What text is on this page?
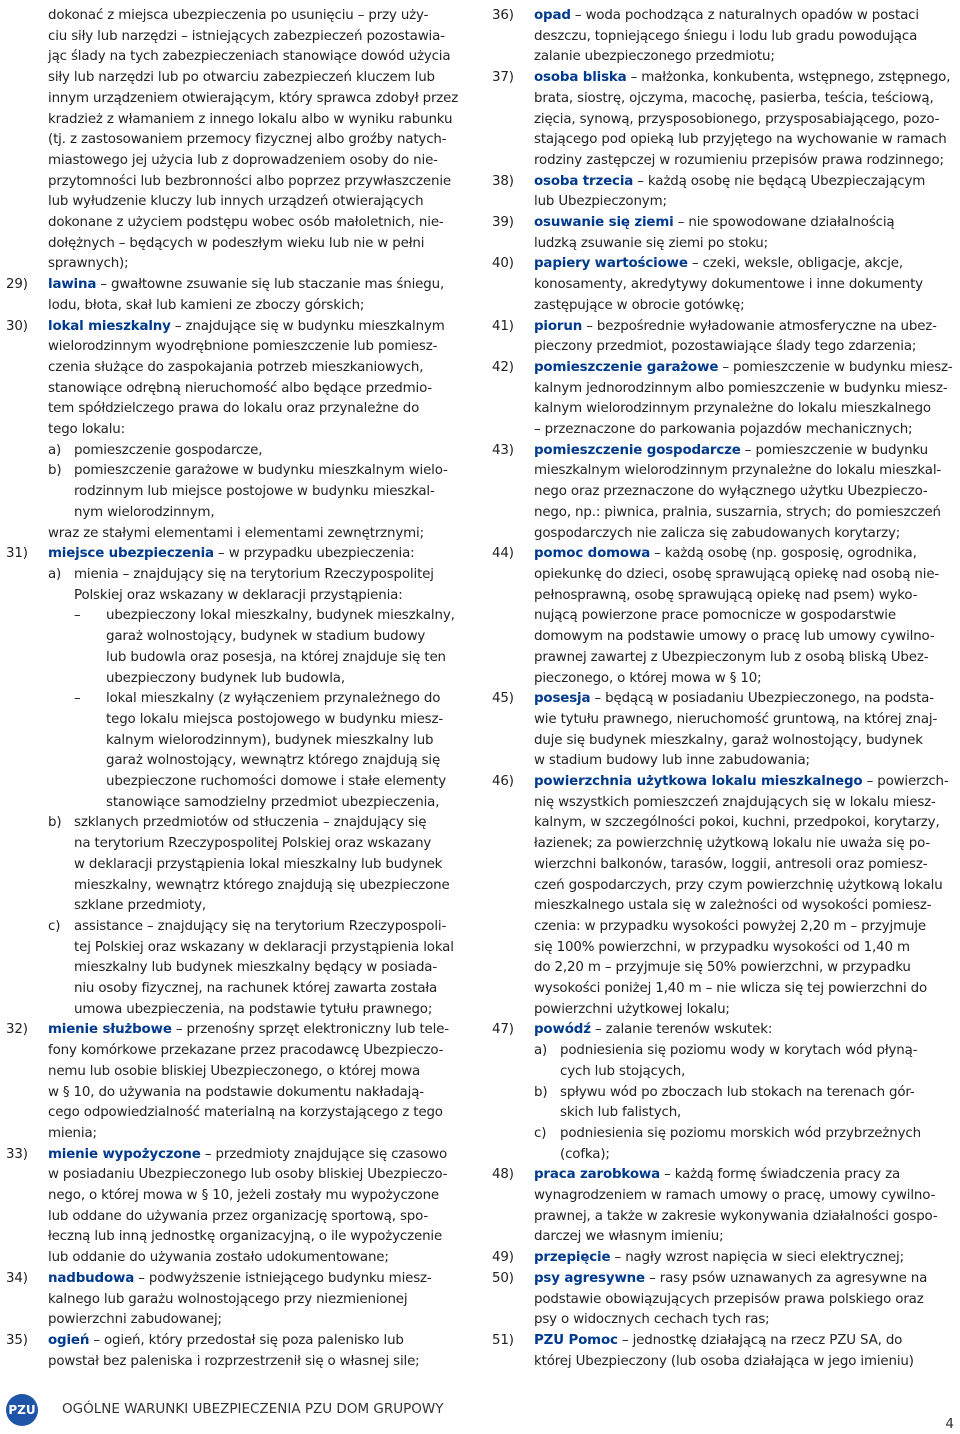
dokonać z miejsca ubezpieczenia po usunięciu – przy uży-
ciu siły lub narzędzi – istniejących zabezpieczeń pozostawia-
jąc ślady na tych zabezpieczeniach stanowiące dowód użycia
siły lub narzędzi lub po otwarciu zabezpieczeń kluczem lub
innym urządzeniem otwierającym, który sprawca zdobył przez
kradzież z włamaniem z innego lokalu albo w wyniku rabunku
(tj. z zastosowaniem przemocy fizycznej albo groźby natych-
miastowego jej użycia lub z doprowadzeniem osoby do nie-
przytomności lub bezbronności albo poprzez przywłaszczenie
lub wyłudzenie kluczy lub innych urządzeń otwierających
dokonane z użyciem podstępu wobec osób małoletnich, nie-
dołężnych – będących w podeszłym wieku lub nie w pełni
sprawnych);
29)	lawina – gwałtowne zsuwanie się lub staczanie mas śniegu,
lodu, błota, skał lub kamieni ze zboczy górskich;
30)	lokal mieszkalny – znajdujące się w budynku mieszkalnym
wielorodzinnym wyodrębnione pomieszczenie lub pomiesz-
czenia służące do zaspokajania potrzeb mieszkaniowych,
stanowiące odrębną nieruchomość albo będące przedmio-
tem spółdzielczego prawa do lokalu oraz przynależne do
tego lokalu:
a) pomieszczenie gospodarcze,
b) pomieszczenie garażowe w budynku mieszkalnym wielo-
rodzinnym lub miejsce postojowe w budynku mieszkal-
nym wielorodzinnym,
wraz ze stałymi elementami i elementami zewnętrznymi;
31)	miejsce ubezpieczenia – w przypadku ubezpieczenia:
a) mienia – znajdujący się na terytorium Rzeczypospolitej
Polskiej oraz wskazany w deklaracji przystąpienia:
– ubezpieczony lokal mieszkalny, budynek mieszkalny,
garaż wolnostojący, budynek w stadium budowy
lub budowla oraz posesja, na której znajduje się ten
ubezpieczony budynek lub budowla,
– lokal mieszkalny (z wyłączeniem przynależnego do
tego lokalu miejsca postojowego w budynku miesz-
kalnym wielorodzinnym), budynek mieszkalny lub
garaż wolnostojący, wewnątrz którego znajdują się
ubezpieczone ruchomości domowe i stałe elementy
stanowiące samodzielny przedmiot ubezpieczenia,
b) szklanych przedmiotów od stłuczenia – znajdujący się
na terytorium Rzeczypospolitej Polskiej oraz wskazany
w deklaracji przystąpienia lokal mieszkalny lub budynek
mieszkalny, wewnątrz którego znajdują się ubezpieczone
szklane przedmioty,
c) assistance – znajdujący się na terytorium Rzeczypospoli-
tej Polskiej oraz wskazany w deklaracji przystąpienia lokal
mieszkalny lub budynek mieszkalny będący w posiada-
niu osoby fizycznej, na rachunek której zawarta została
umowa ubezpieczenia, na podstawie tytułu prawnego;
32)	mienie służbowe – przenośny sprzęt elektroniczny lub tele-
fony komórkowe przekazane przez pracodawcę Ubezpieczo-
nemu lub osobie bliskiej Ubezpieczonego, o której mowa
w § 10, do używania na podstawie dokumentu nakładają-
cego odpowiedzialność materialną na korzystającego z tego
mienia;
33)	mienie wypożyczone – przedmioty znajdujące się czasowo
w posiadaniu Ubezpieczonego lub osoby bliskiej Ubezpieczo-
nego, o której mowa w § 10, jeżeli zostały mu wypożyczone
lub oddane do używania przez organizację sportową, spo-
łeczną lub inną jednostkę organizacyjną, o ile wypożyczenie
lub oddanie do używania zostało udokumentowane;
34)	nadbudowa – podwyższenie istniejącego budynku miesz-
kalnego lub garażu wolnostojącego przy niezmienionej
powierzchni zabudowanej;
35)	ogień – ogień, który przedostał się poza palenisko lub
powstał bez paleniska i rozprzestrzenił się o własnej sile;
36)	opad – woda pochodząca z naturalnych opadów w postaci
deszczu, topniejącego śniegu i lodu lub gradu powodująca
zalanie ubezpieczonego przedmiotu;
37)	osoba bliska – małżonka, konkubenta, wstępnego, zstępnego,
brata, siostrę, ojczyma, macochę, pasierba, teścia, teściową,
zięcia, synową, przysposobionego, przysposabiającego, pozo-
stającego pod opieką lub przyjętego na wychowanie w ramach
rodziny zastępczej w rozumieniu przepisów prawa rodzinnego;
38)	osoba trzecia – każdą osobę nie będącą Ubezpieczającym
lub Ubezpieczonym;
39)	osuwanie się ziemi – nie spowodowane działalnością
ludzką zsuwanie się ziemi po stoku;
40)	papiery wartościowe – czeki, weksle, obligacje, akcje,
konosamenty, akredytywy dokumentowe i inne dokumenty
zastępujące w obrocie gotówkę;
41)	piorun – bezpośrednie wyładowanie atmosferyczne na ubez-
pieczony przedmiot, pozostawiające ślady tego zdarzenia;
42)	pomieszczenie garażowe – pomieszczenie w budynku miesz-
kalnym jednorodzinnym albo pomieszczenie w budynku miesz-
kalnym wielorodzinnym przynależne do lokalu mieszkalnego
– przeznaczone do parkowania pojazdów mechanicznych;
43)	pomieszczenie gospodarcze – pomieszczenie w budynku
mieszkalnym wielorodzinnym przynależne do lokalu mieszkal-
nego oraz przeznaczone do wyłącznego użytku Ubezpieczo-
nego, np.: piwnica, pralnia, suszarnia, strych; do pomieszczeń
gospodarczych nie zalicza się zabudowanych korytarzy;
44)	pomoc domowa – każdą osobę (np. gosposię, ogrodnika,
opiekunkę do dzieci, osobę sprawującą opiekę nad osobą nie-
pełnosprawną, osobę sprawującą opiekę nad psem) wyko-
nującą powierzone prace pomocnicze w gospodarstwie
domowym na podstawie umowy o pracę lub umowy cywilno-
prawnej zawartej z Ubezpieczonym lub z osobą bliską Ubez-
pieczonego, o której mowa w § 10;
45)	posesja – będącą w posiadaniu Ubezpieczonego, na podsta-
wie tytułu prawnego, nieruchomość gruntową, na której znaj-
duje się budynek mieszkalny, garaż wolnostojący, budynek
w stadium budowy lub inne zabudowania;
46)	powierzchnia użytkowa lokalu mieszkalnego – powierzch-
nię wszystkich pomieszczeń znajdujących się w lokalu miesz-
kalnym, w szczególności pokoi, kuchni, przedpokoi, korytarzy,
łazienek; za powierzchnię użytkową lokalu nie uważa się po-
wierzchni balkonów, tarasów, loggii, antresoli oraz pomiesz-
czeń gospodarczych, przy czym powierzchnię użytkową lokalu
mieszkalnego ustala się w zależności od wysokości pomiesz-
czenia: w przypadku wysokości powyżej 2,20 m – przyjmuje
się 100% powierzchni, w przypadku wysokości od 1,40 m
do 2,20 m – przyjmuje się 50% powierzchni, w przypadku
wysokości poniżej 1,40 m – nie wlicza się tej powierzchni do
powierzchni użytkowej lokalu;
47)	powódź – zalanie terenów wskutek:
a) podniesienia się poziomu wody w korytach wód płyną-
cych lub stojących,
b) spływu wód po zboczach lub stokach na terenach gór-
skich lub falistych,
c) podniesienia się poziomu morskich wód przybrzeżnych
(cofka);
48)	praca zarobkowa – każdą formę świadczenia pracy za
wynagrodzeniem w ramach umowy o pracę, umowy cywilno-
prawnej, a także w zakresie wykonywania działalności gospo-
darczej we własnym imieniu;
49)	przepięcie – nagły wzrost napięcia w sieci elektrycznej;
50)	psy agresywne – rasy psów uznawanych za agresywne na
podstawie obowiązujących przepisów prawa polskiego oraz
psy o widocznych cechach tych ras;
51)	PZU Pomoc – jednostkę działającą na rzecz PZU SA, do
której Ubezpieczony (lub osoba działająca w jego imieniu)
PZU OGÓLNE WARUNKI UBEZPIECZENIA PZU DOM GRUPOWY
4
